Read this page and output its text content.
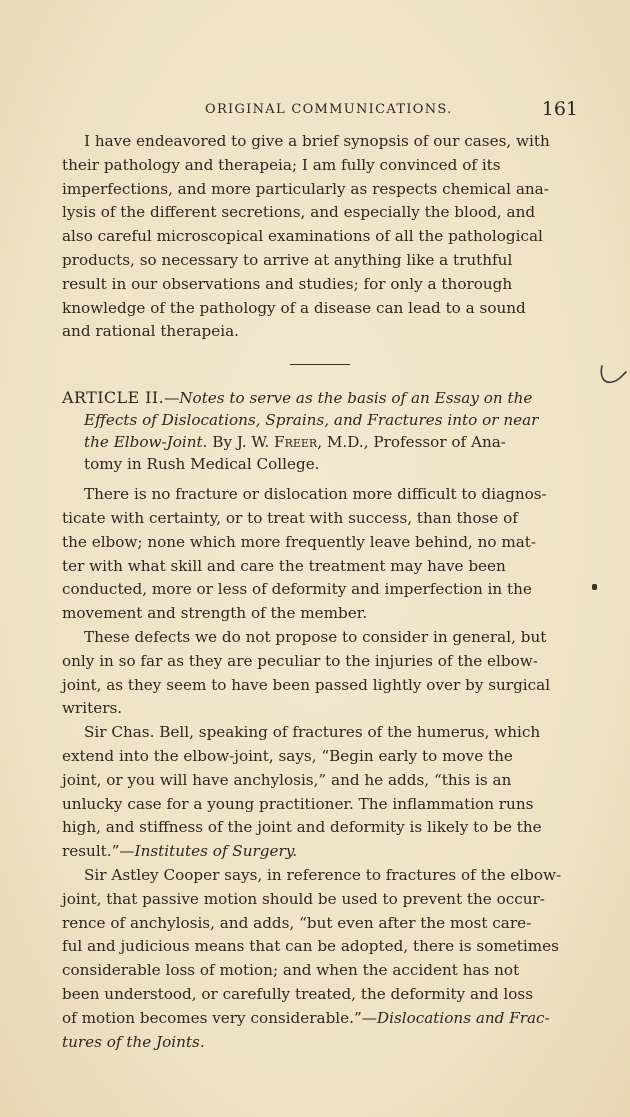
ORIGINAL COMMUNICATIONS.	161

I have endeavored to give a brief synopsis of our cases, with
their pathology and therapeia; I am fully convinced of its
imperfections, and more particularly as respects chemical ana-
lysis of the different secretions, and especially the blood, and
also careful microscopical examinations of all the pathological
products, so necessary to arrive at anything like a truthful
result in our observations and studies; for only a thorough
knowledge of the pathology of a disease can lead to a sound
and rational therapeia.

ARTICLE II.—Notes to serve as the basis of an Essay on the
Effects of Dislocations, Sprains, and Fractures into or near
the Elbow-Joint. By J. W. Freer, M.D., Professor of Ana-
tomy in Rush Medical College.

There is no fracture or dislocation more difficult to diagnos-
ticate with certainty, or to treat with success, than those of
the elbow; none which more frequently leave behind, no mat-
ter with what skill and care the treatment may have been
conducted, more or less of deformity and imperfection in the
movement and strength of the member.

These defects we do not propose to consider in general, but
only in so far as they are peculiar to the injuries of the elbow-
joint, as they seem to have been passed lightly over by surgical
writers.

Sir Chas. Bell, speaking of fractures of the humerus, which
extend into the elbow-joint, says, “Begin early to move the
joint, or you will have anchylosis,” and he adds, “this is an
unlucky case for a young practitioner. The inflammation runs
high, and stiffness of the joint and deformity is likely to be the
result.”—Institutes of Surgery.

Sir Astley Cooper says, in reference to fractures of the elbow-
joint, that passive motion should be used to prevent the occur-
rence of anchylosis, and adds, “but even after the most care-
ful and judicious means that can be adopted, there is sometimes
considerable loss of motion; and when the accident has not
been understood, or carefully treated, the deformity and loss
of motion becomes very considerable.”—Dislocations and Frac-
tures of the Joints.
